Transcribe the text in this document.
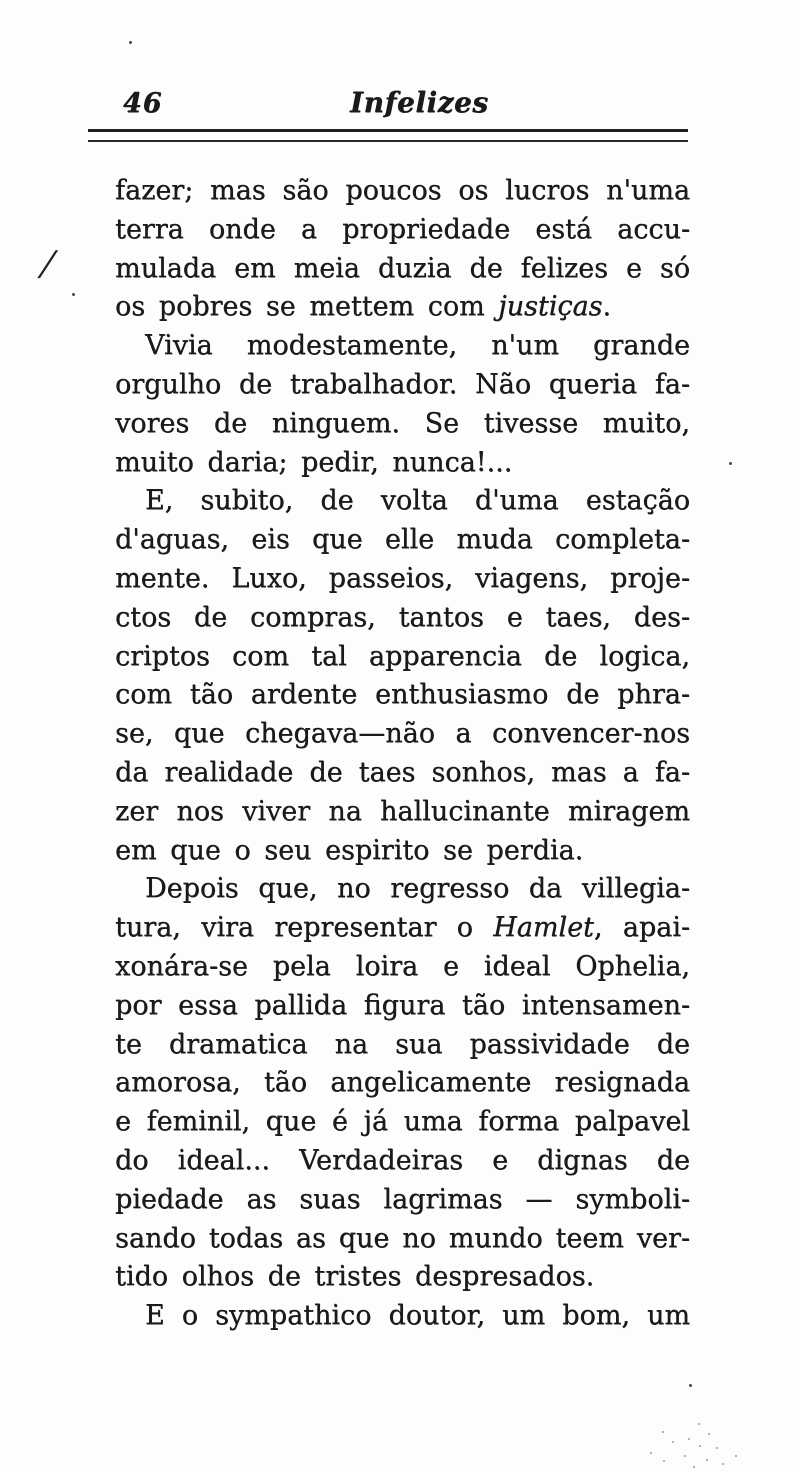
46	Infelizes
/
fazer; mas são poucos os lucros n'uma
terra onde a propriedade está accu-
mulada em meia duzia de felizes e só
os pobres se mettem com justiças.
Vivia modestamente, n'um grande
orgulho de trabalhador. Não queria fa-
vores de ninguem. Se tivesse muito,
muito daria; pedir, nunca!...
E, subito, de volta d'uma estação
d'aguas, eis que elle muda completa-
mente. Luxo, passeios, viagens, proje-
ctos de compras, tantos e taes, des-
criptos com tal apparencia de logica,
com tão ardente enthusiasmo de phra-
se, que chegava—não a convencer-nos
da realidade de taes sonhos, mas a fa-
zer nos viver na hallucinante miragem
em que o seu espirito se perdia.
Depois que, no regresso da villegia-
tura, vira representar o Hamlet, apai-
xonára-se pela loira e ideal Ophelia,
por essa pallida figura tão intensamen-
te dramatica na sua passividade de
amorosa, tão angelicamente resignada
e feminil, que é já uma forma palpavel
do ideal... Verdadeiras e dignas de
piedade as suas lagrimas — symboli-
sando todas as que no mundo teem ver-
tido olhos de tristes despresados.
E o sympathico doutor, um bom, um
